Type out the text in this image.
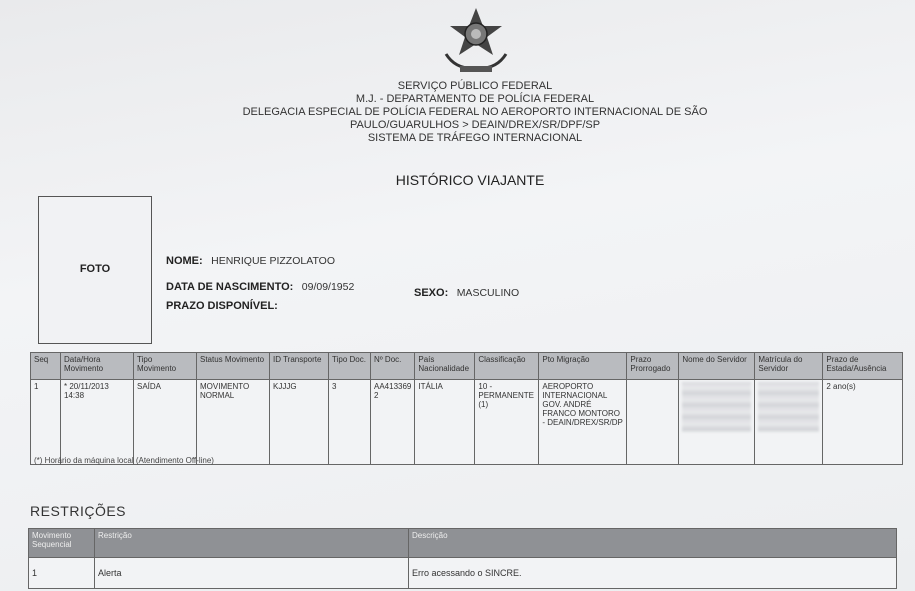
SERVIÇO PÚBLICO FEDERAL
M.J. - DEPARTAMENTO DE POLÍCIA FEDERAL
DELEGACIA ESPECIAL DE POLÍCIA FEDERAL NO AEROPORTO INTERNACIONAL DE SÃO
PAULO/GUARULHOS > DEAIN/DREX/SR/DPF/SP
SISTEMA DE TRÁFEGO INTERNACIONAL
HISTÓRICO VIAJANTE
FOTO
NOME: HENRIQUE PIZZOLATOO
DATA DE NASCIMENTO: 09/09/1952	SEXO: MASCULINO
PRAZO DISPONÍVEL:
Seq	Data/Hora Movimento	Tipo Movimento	Status Movimento	ID Transporte	Tipo Doc.	Nº Doc.	País Nacionalidade	Classificação	Pto Migração	Prazo Prorrogado	Nome do Servidor	Matrícula do Servidor	Prazo de Estada/Ausência
1	* 20/11/2013 14:38	SAÍDA	MOVIMENTO NORMAL	KJJJG	3	AA413369 2	ITÁLIA	10 - PERMANENTE (1)	AEROPORTO INTERNACIONAL GOV. ANDRÉ FRANCO MONTORO - DEAIN/DREX/SR/DP				2 ano(s)
(*) Horário da máquina local (Atendimento Off-line)
RESTRIÇÕES
Movimento Sequencial	Restrição	Descrição
1	Alerta	Erro acessando o SINCRE.
